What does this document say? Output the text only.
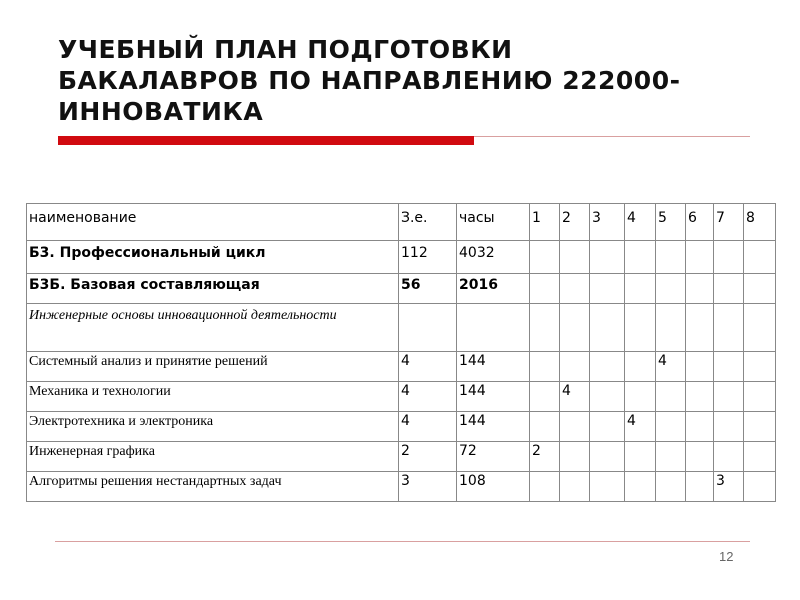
УЧЕБНЫЙ ПЛАН ПОДГОТОВКИ
БАКАЛАВРОВ ПО НАПРАВЛЕНИЮ 222000-
ИННОВАТИКА
наименование	З.е.	часы	1	2	3	4	5	6	7	8
Б3. Профессиональный цикл	112	4032								
Б3Б. Базовая составляющая	56	2016								
Инженерные основы инновационной деятельности										
Системный анализ и принятие решений	4	144					4			
Механика и технологии	4	144		4						
Электротехника и электроника	4	144				4				
Инженерная графика	2	72	2							
Алгоритмы решения нестандартных задач	3	108							3	
12
